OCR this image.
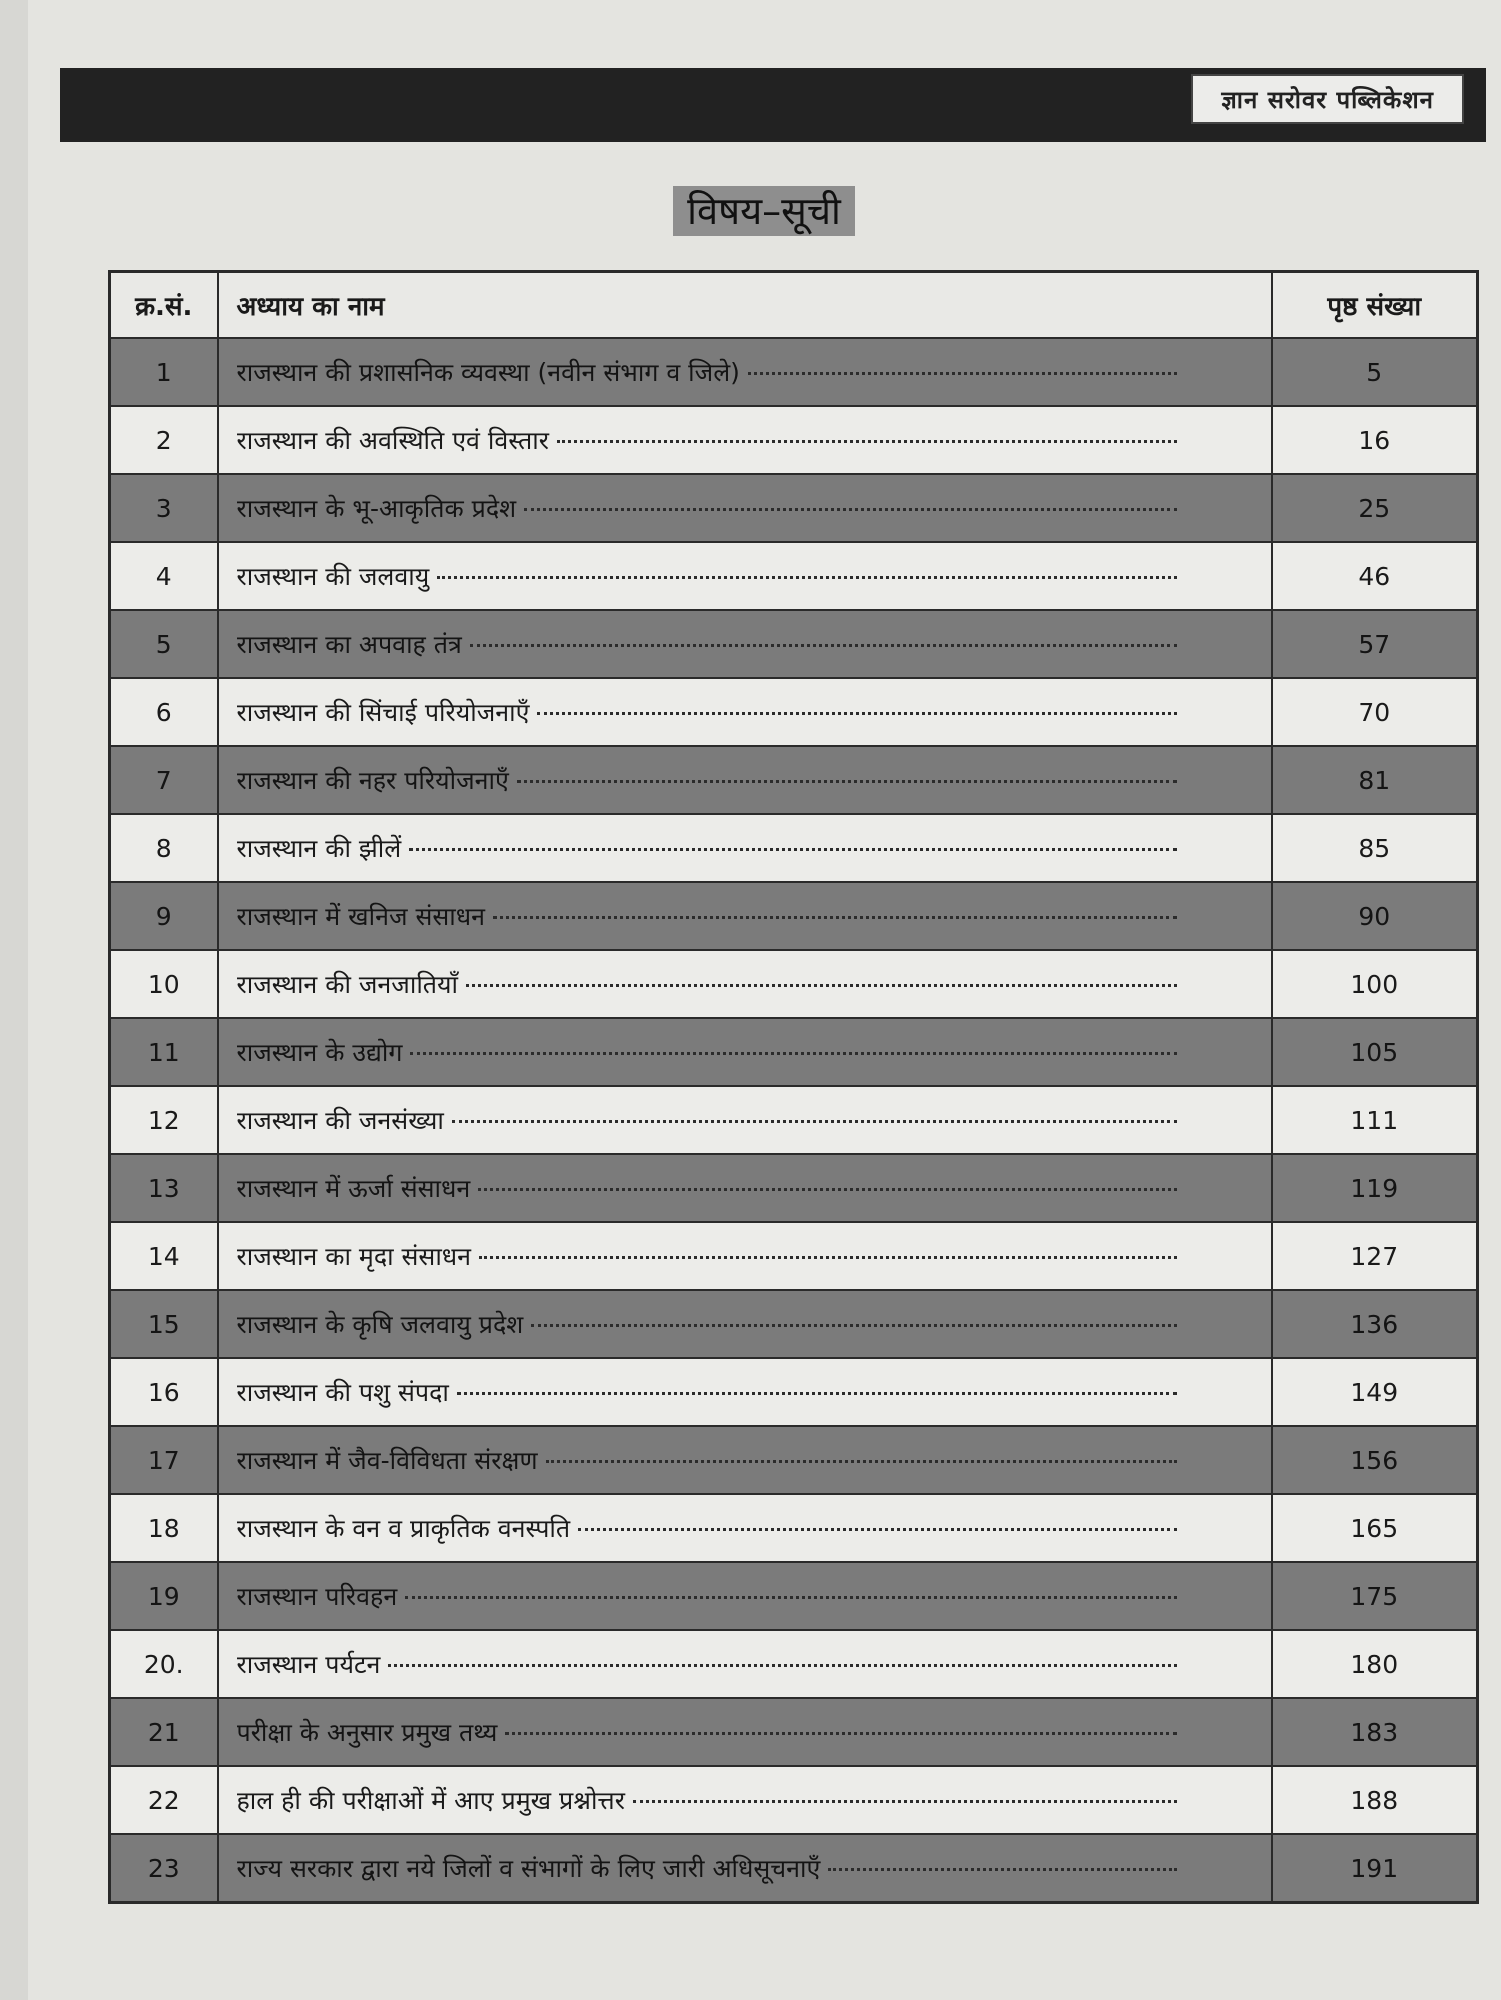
ज्ञान सरोवर पब्लिकेशन
विषय–सूची
क्र.सं.	अध्याय का नाम	पृष्ठ संख्या
1	राजस्थान की प्रशासनिक व्यवस्था (नवीन संभाग व जिले)	5
2	राजस्थान की अवस्थिति एवं विस्तार	16
3	राजस्थान के भू-आकृतिक प्रदेश	25
4	राजस्थान की जलवायु	46
5	राजस्थान का अपवाह तंत्र	57
6	राजस्थान की सिंचाई परियोजनाएँ	70
7	राजस्थान की नहर परियोजनाएँ	81
8	राजस्थान की झीलें	85
9	राजस्थान में खनिज संसाधन	90
10	राजस्थान की जनजातियाँ	100
11	राजस्थान के उद्योग	105
12	राजस्थान की जनसंख्या	111
13	राजस्थान में ऊर्जा संसाधन	119
14	राजस्थान का मृदा संसाधन	127
15	राजस्थान के कृषि जलवायु प्रदेश	136
16	राजस्थान की पशु संपदा	149
17	राजस्थान में जैव-विविधता संरक्षण	156
18	राजस्थान के वन व प्राकृतिक वनस्पति	165
19	राजस्थान परिवहन	175
20.	राजस्थान पर्यटन	180
21	परीक्षा के अनुसार प्रमुख तथ्य	183
22	हाल ही की परीक्षाओं में आए प्रमुख प्रश्नोत्तर	188
23	राज्य सरकार द्वारा नये जिलों व संभागों के लिए जारी अधिसूचनाएँ	191
